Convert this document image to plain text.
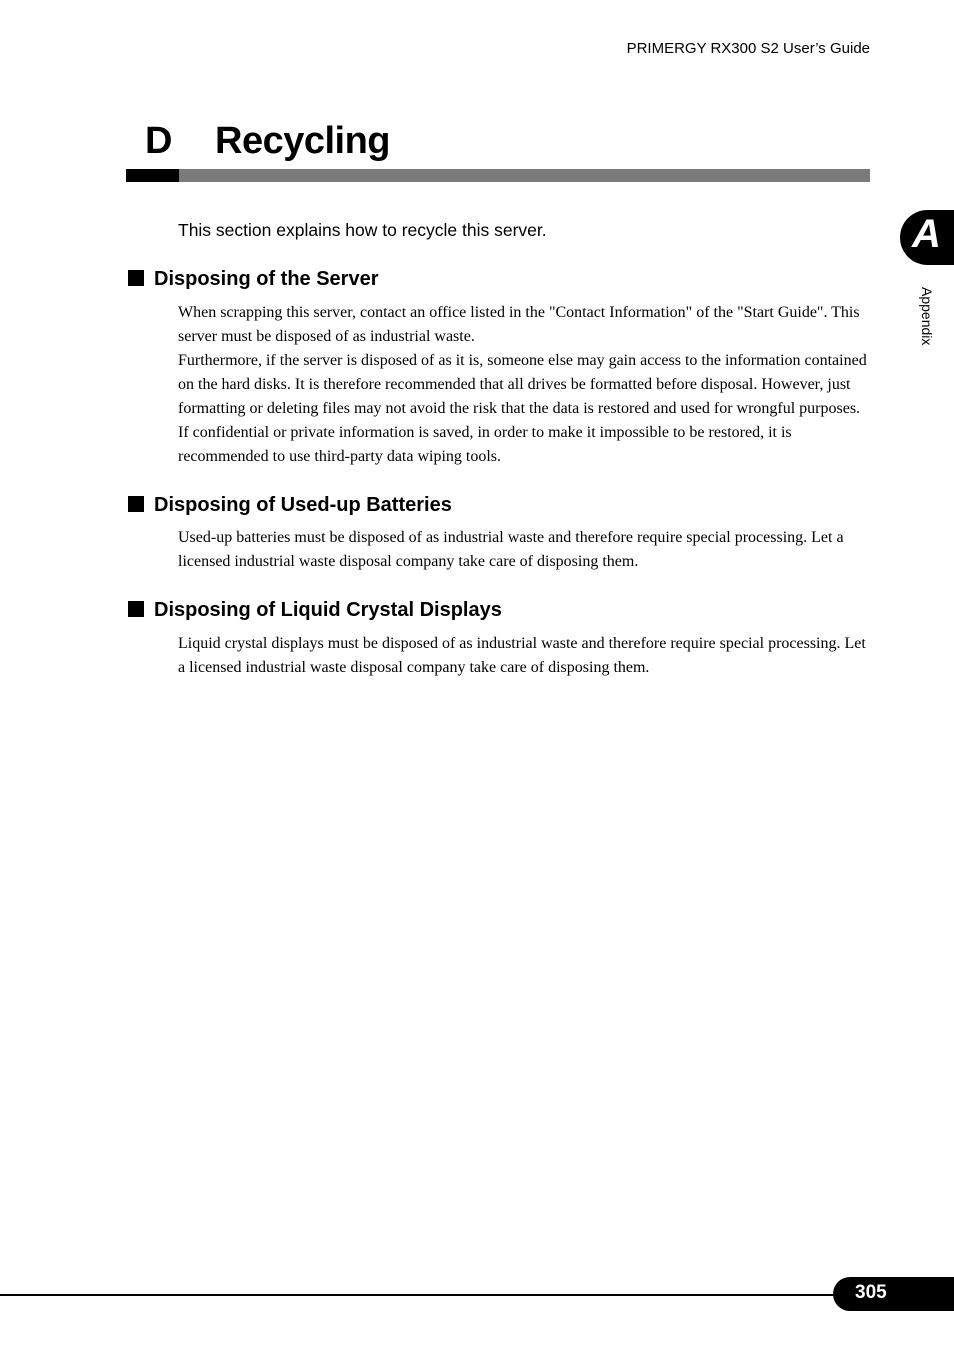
PRIMERGY RX300 S2 User’s Guide
D Recycling
This section explains how to recycle this server.
Disposing of the Server

When scrapping this server, contact an office listed in the "Contact Information" of the "Start Guide". This server must be disposed of as industrial waste.

Furthermore, if the server is disposed of as it is, someone else may gain access to the information contained on the hard disks. It is therefore recommended that all drives be formatted before disposal. However, just formatting or deleting files may not avoid the risk that the data is restored and used for wrongful purposes. If confidential or private information is saved, in order to make it impossible to be restored, it is recommended to use third-party data wiping tools.

Disposing of Used-up Batteries

Used-up batteries must be disposed of as industrial waste and therefore require special processing. Let a licensed industrial waste disposal company take care of disposing them.

Disposing of Liquid Crystal Displays

Liquid crystal displays must be disposed of as industrial waste and therefore require special processing. Let a licensed industrial waste disposal company take care of disposing them.

A
Appendix
305
